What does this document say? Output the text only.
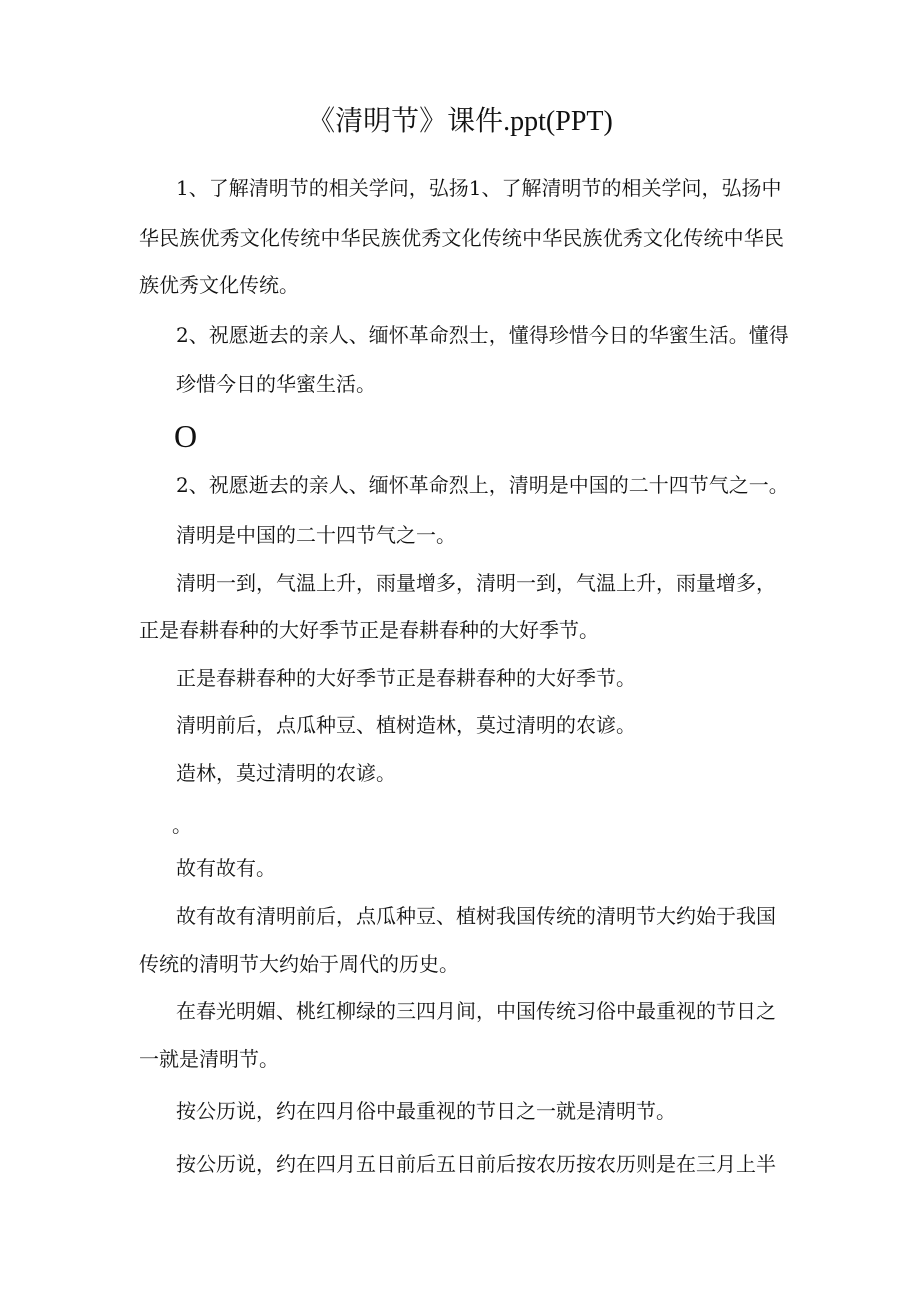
《清明节》课件.ppt(PPT)
1、了解清明节的相关学问，弘扬1、了解清明节的相关学问，弘扬中
华民族优秀文化传统中华民族优秀文化传统中华民族优秀文化传统中华民
族优秀文化传统。
2、祝愿逝去的亲人、缅怀革命烈士，懂得珍惜今日的华蜜生活。懂得
珍惜今日的华蜜生活。
O
2、祝愿逝去的亲人、缅怀革命烈上，清明是中国的二十四节气之一。
清明是中国的二十四节气之一。
清明一到，气温上升，雨量增多，清明一到，气温上升，雨量增多，
正是春耕春种的大好季节正是春耕春种的大好季节。
正是春耕春种的大好季节正是春耕春种的大好季节。
清明前后，点瓜种豆、植树造林，莫过清明的农谚。
造林，莫过清明的农谚。
。
故有故有。
故有故有清明前后，点瓜种豆、植树我国传统的清明节大约始于我国
传统的清明节大约始于周代的历史。
在春光明媚、桃红柳绿的三四月间，中国传统习俗中最重视的节日之
一就是清明节。
按公历说，约在四月俗中最重视的节日之一就是清明节。
按公历说，约在四月五日前后五日前后按农历按农历则是在三月上半
